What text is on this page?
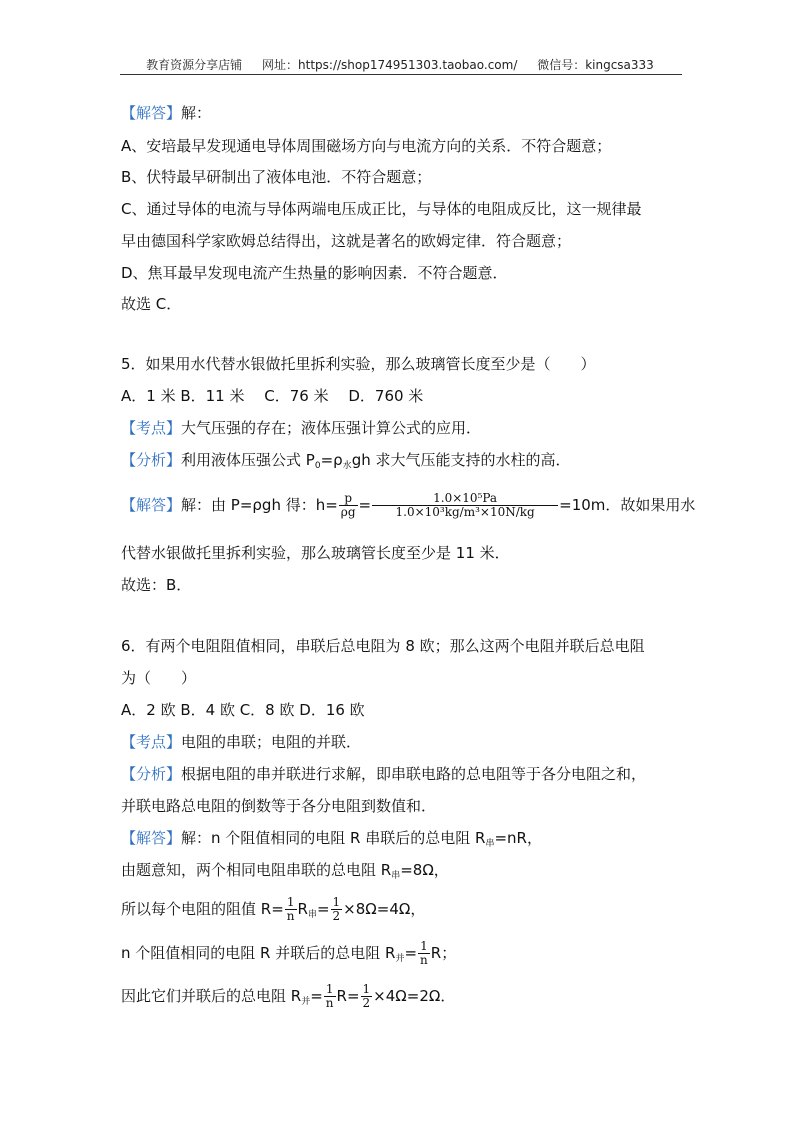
教育资源分享店铺 网址：https://shop174951303.taobao.com/ 微信号：kingcsa333
【解答】解：
A、安培最早发现通电导体周围磁场方向与电流方向的关系．不符合题意；
B、伏特最早研制出了液体电池．不符合题意；
C、通过导体的电流与导体两端电压成正比，与导体的电阻成反比，这一规律最
早由德国科学家欧姆总结得出，这就是著名的欧姆定律．符合题意；
D、焦耳最早发现电流产生热量的影响因素．不符合题意．
故选 C．
5．如果用水代替水银做托里拆利实验，那么玻璃管长度至少是（　　）
A．1 米 B．11 米　 C．76 米　 D．760 米
【考点】大气压强的存在；液体压强计算公式的应用．
【分析】利用液体压强公式 $P_0=\rho_水gh$ 求大气压能支持的水柱的高．
【解答】解：由 P=ρgh 得：$h= \frac{p}{\rho g} = \frac{\text{1.0×10⁵Pa}}{\text{1.0×10³kg/m³×10N/kg}} =10m$．故如果用水
代替水银做托里拆利实验，那么玻璃管长度至少是 11 米．
故选：B．
6．有两个电阻阻值相同，串联后总电阻为 8 欧；那么这两个电阻并联后总电阻
为（　　）
A．2 欧 B．4 欧 C．8 欧 D．16 欧
【考点】电阻的串联；电阻的并联．
【分析】根据电阻的串并联进行求解，即串联电路的总电阻等于各分电阻之和，
并联电路总电阻的倒数等于各分电阻到数值和．
【解答】解：n 个阻值相同的电阻 R 串联后的总电阻 $R_串=nR$，
由题意知，两个相同电阻串联的总电阻 $R_串=8\Omega$，
所以每个电阻的阻值 $R= \frac{1}{n} R_串= \frac{1}{2} \times 8\Omega=4\Omega$，
n 个阻值相同的电阻 R 并联后的总电阻 $R_并= \frac{1}{n}$ R；
因此它们并联后的总电阻 $R_并= \frac{1}{n} R= \frac{1}{2} \times 4\Omega=2\Omega$．
